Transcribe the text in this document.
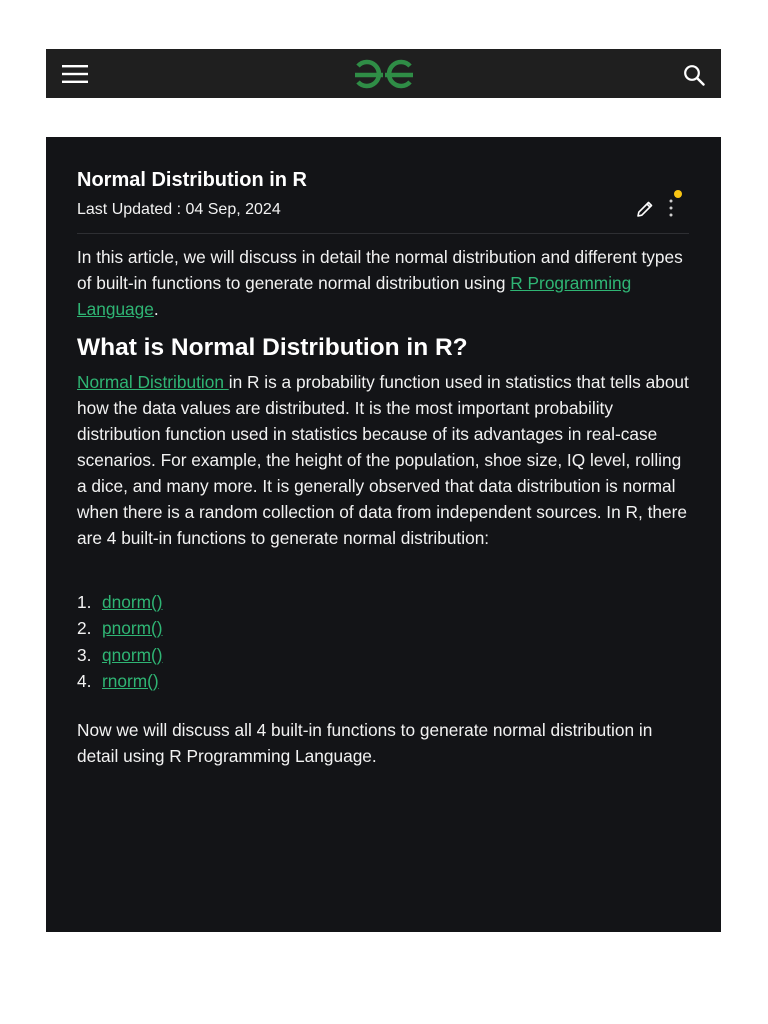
Normal Distribution in R
Last Updated : 04 Sep, 2024

In this article, we will discuss in detail the normal distribution and different types of built-in functions to generate normal distribution using R Programming Language.

What is Normal Distribution in R?

Normal Distribution in R is a probability function used in statistics that tells about how the data values are distributed. It is the most important probability distribution function used in statistics because of its advantages in real-case scenarios. For example, the height of the population, shoe size, IQ level, rolling a dice, and many more. It is generally observed that data distribution is normal when there is a random collection of data from independent sources. In R, there are 4 built-in functions to generate normal distribution:

1. dnorm()
2. pnorm()
3. qnorm()
4. rnorm()

Now we will discuss all 4 built-in functions to generate normal distribution in detail using R Programming Language.
